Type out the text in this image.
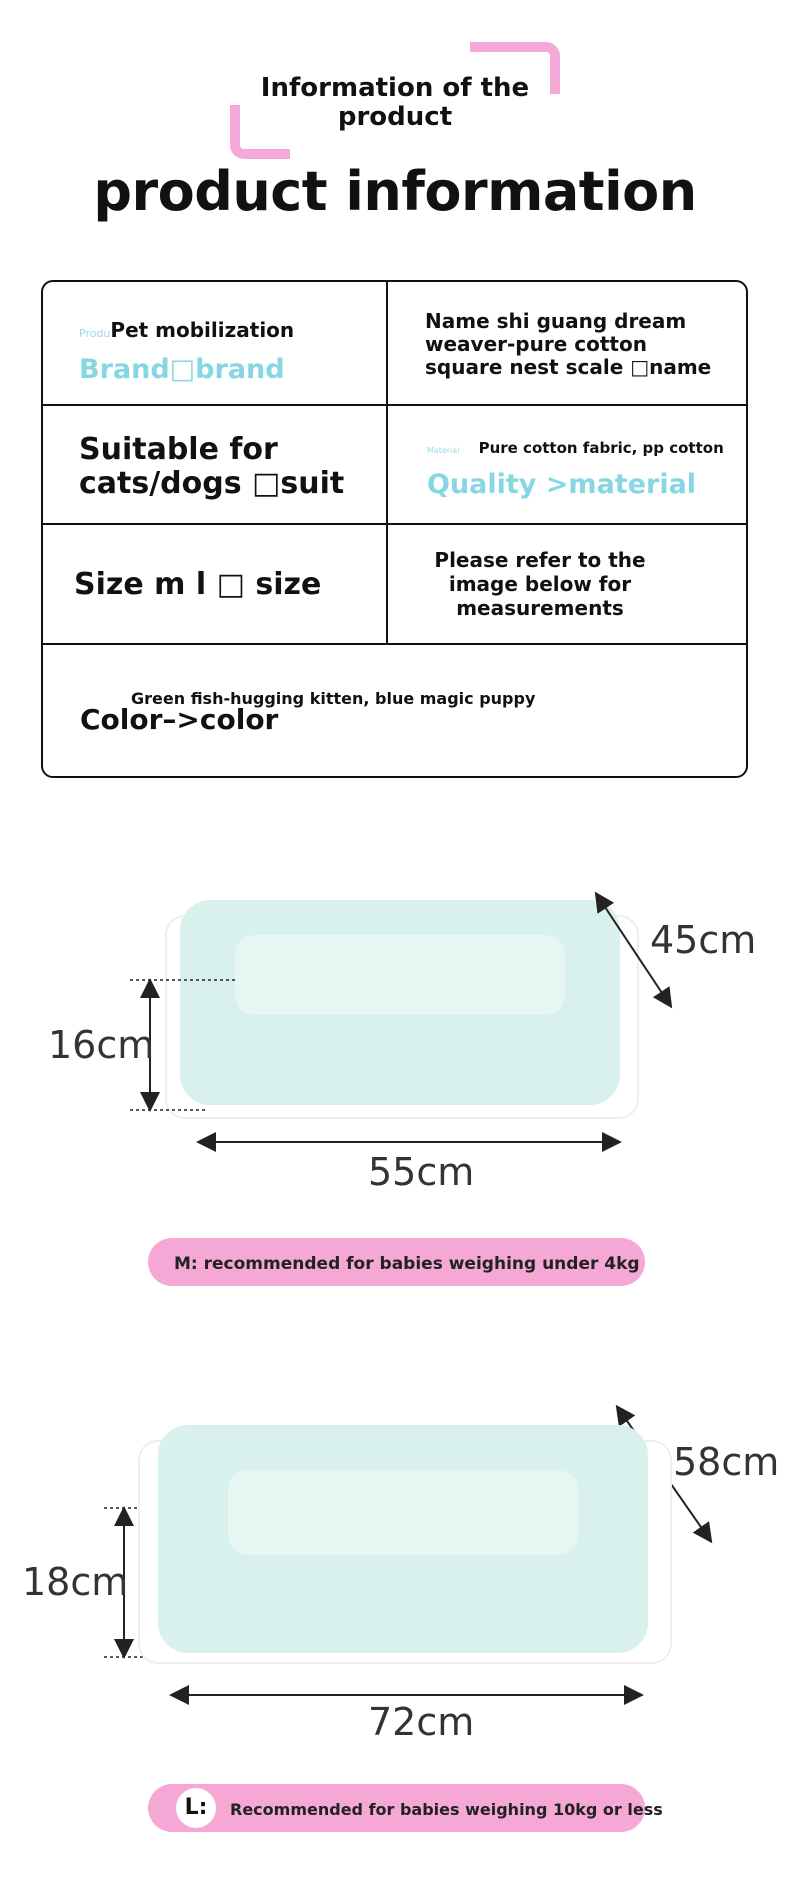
Information of the product
product information
ProduPet mobilization
Brand□brand
Name shi guang dream weaver-pure cotton square nest scale □name
Suitable for cats/dogs □suit
Material Pure cotton fabric, pp cotton
Quality >material
Size m l □ size
Please refer to the image below for measurements
Green fish-hugging kitten, blue magic puppy
Color–>color
45cm
16cm
55cm
M: recommended for babies weighing under 4kg
58cm
18cm
72cm
L:	Recommended for babies weighing 10kg or less
